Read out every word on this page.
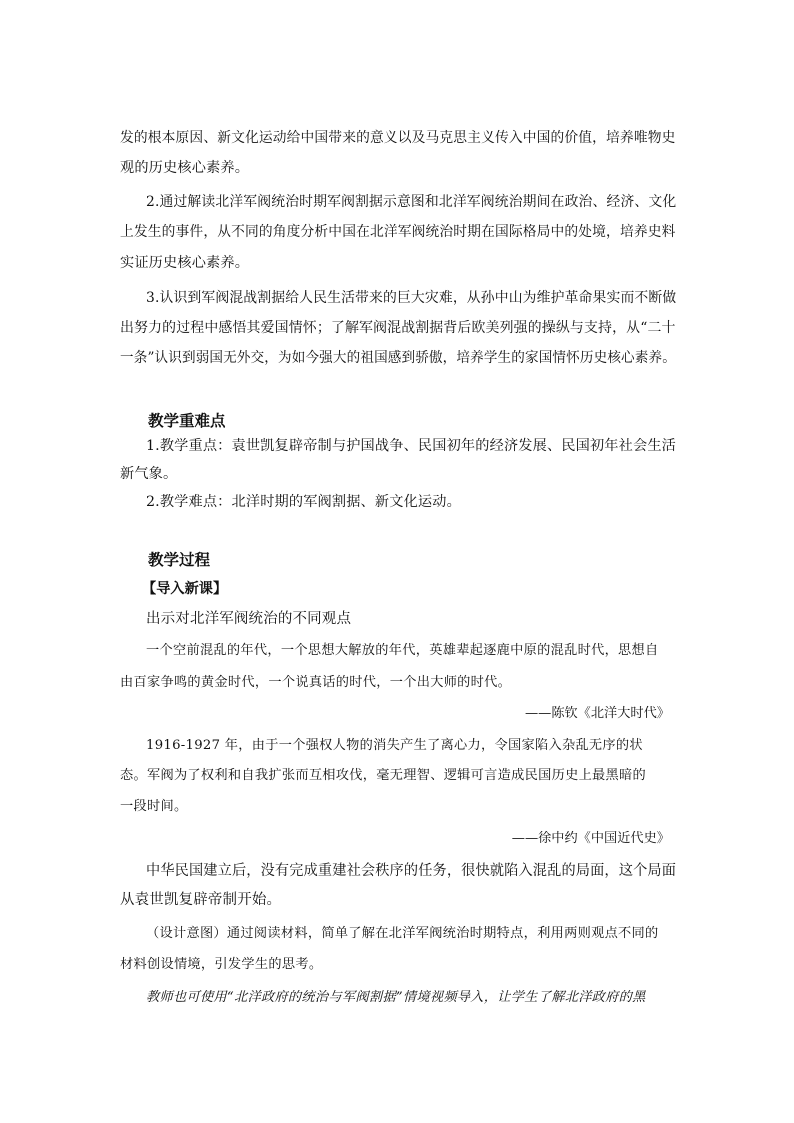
发的根本原因、新文化运动给中国带来的意义以及马克思主义传入中国的价值，培养唯物史
观的历史核心素养。
2.通过解读北洋军阀统治时期军阀割据示意图和北洋军阀统治期间在政治、经济、文化
上发生的事件，从不同的角度分析中国在北洋军阀统治时期在国际格局中的处境，培养史料
实证历史核心素养。
3.认识到军阀混战割据给人民生活带来的巨大灾难，从孙中山为维护革命果实而不断做
出努力的过程中感悟其爱国情怀；了解军阀混战割据背后欧美列强的操纵与支持，从“二十
一条”认识到弱国无外交，为如今强大的祖国感到骄傲，培养学生的家国情怀历史核心素养。
教学重难点
1.教学重点：袁世凯复辟帝制与护国战争、民国初年的经济发展、民国初年社会生活
新气象。
2.教学难点：北洋时期的军阀割据、新文化运动。
教学过程
【导入新课】
出示对北洋军阀统治的不同观点
一个空前混乱的年代，一个思想大解放的年代，英雄辈起逐鹿中原的混乱时代，思想自
由百家争鸣的黄金时代，一个说真话的时代，一个出大师的时代。
——陈钦《北洋大时代》
1916-1927 年，由于一个强权人物的消失产生了离心力，令国家陷入杂乱无序的状
态。军阀为了权利和自我扩张而互相攻伐，毫无理智、逻辑可言造成民国历史上最黑暗的
一段时间。
——徐中约《中国近代史》
中华民国建立后，没有完成重建社会秩序的任务，很快就陷入混乱的局面，这个局面
从袁世凯复辟帝制开始。
（设计意图）通过阅读材料，简单了解在北洋军阀统治时期特点，利用两则观点不同的
材料创设情境，引发学生的思考。
教师也可使用“北洋政府的统治与军阀割据”情境视频导入，让学生了解北洋政府的黑
